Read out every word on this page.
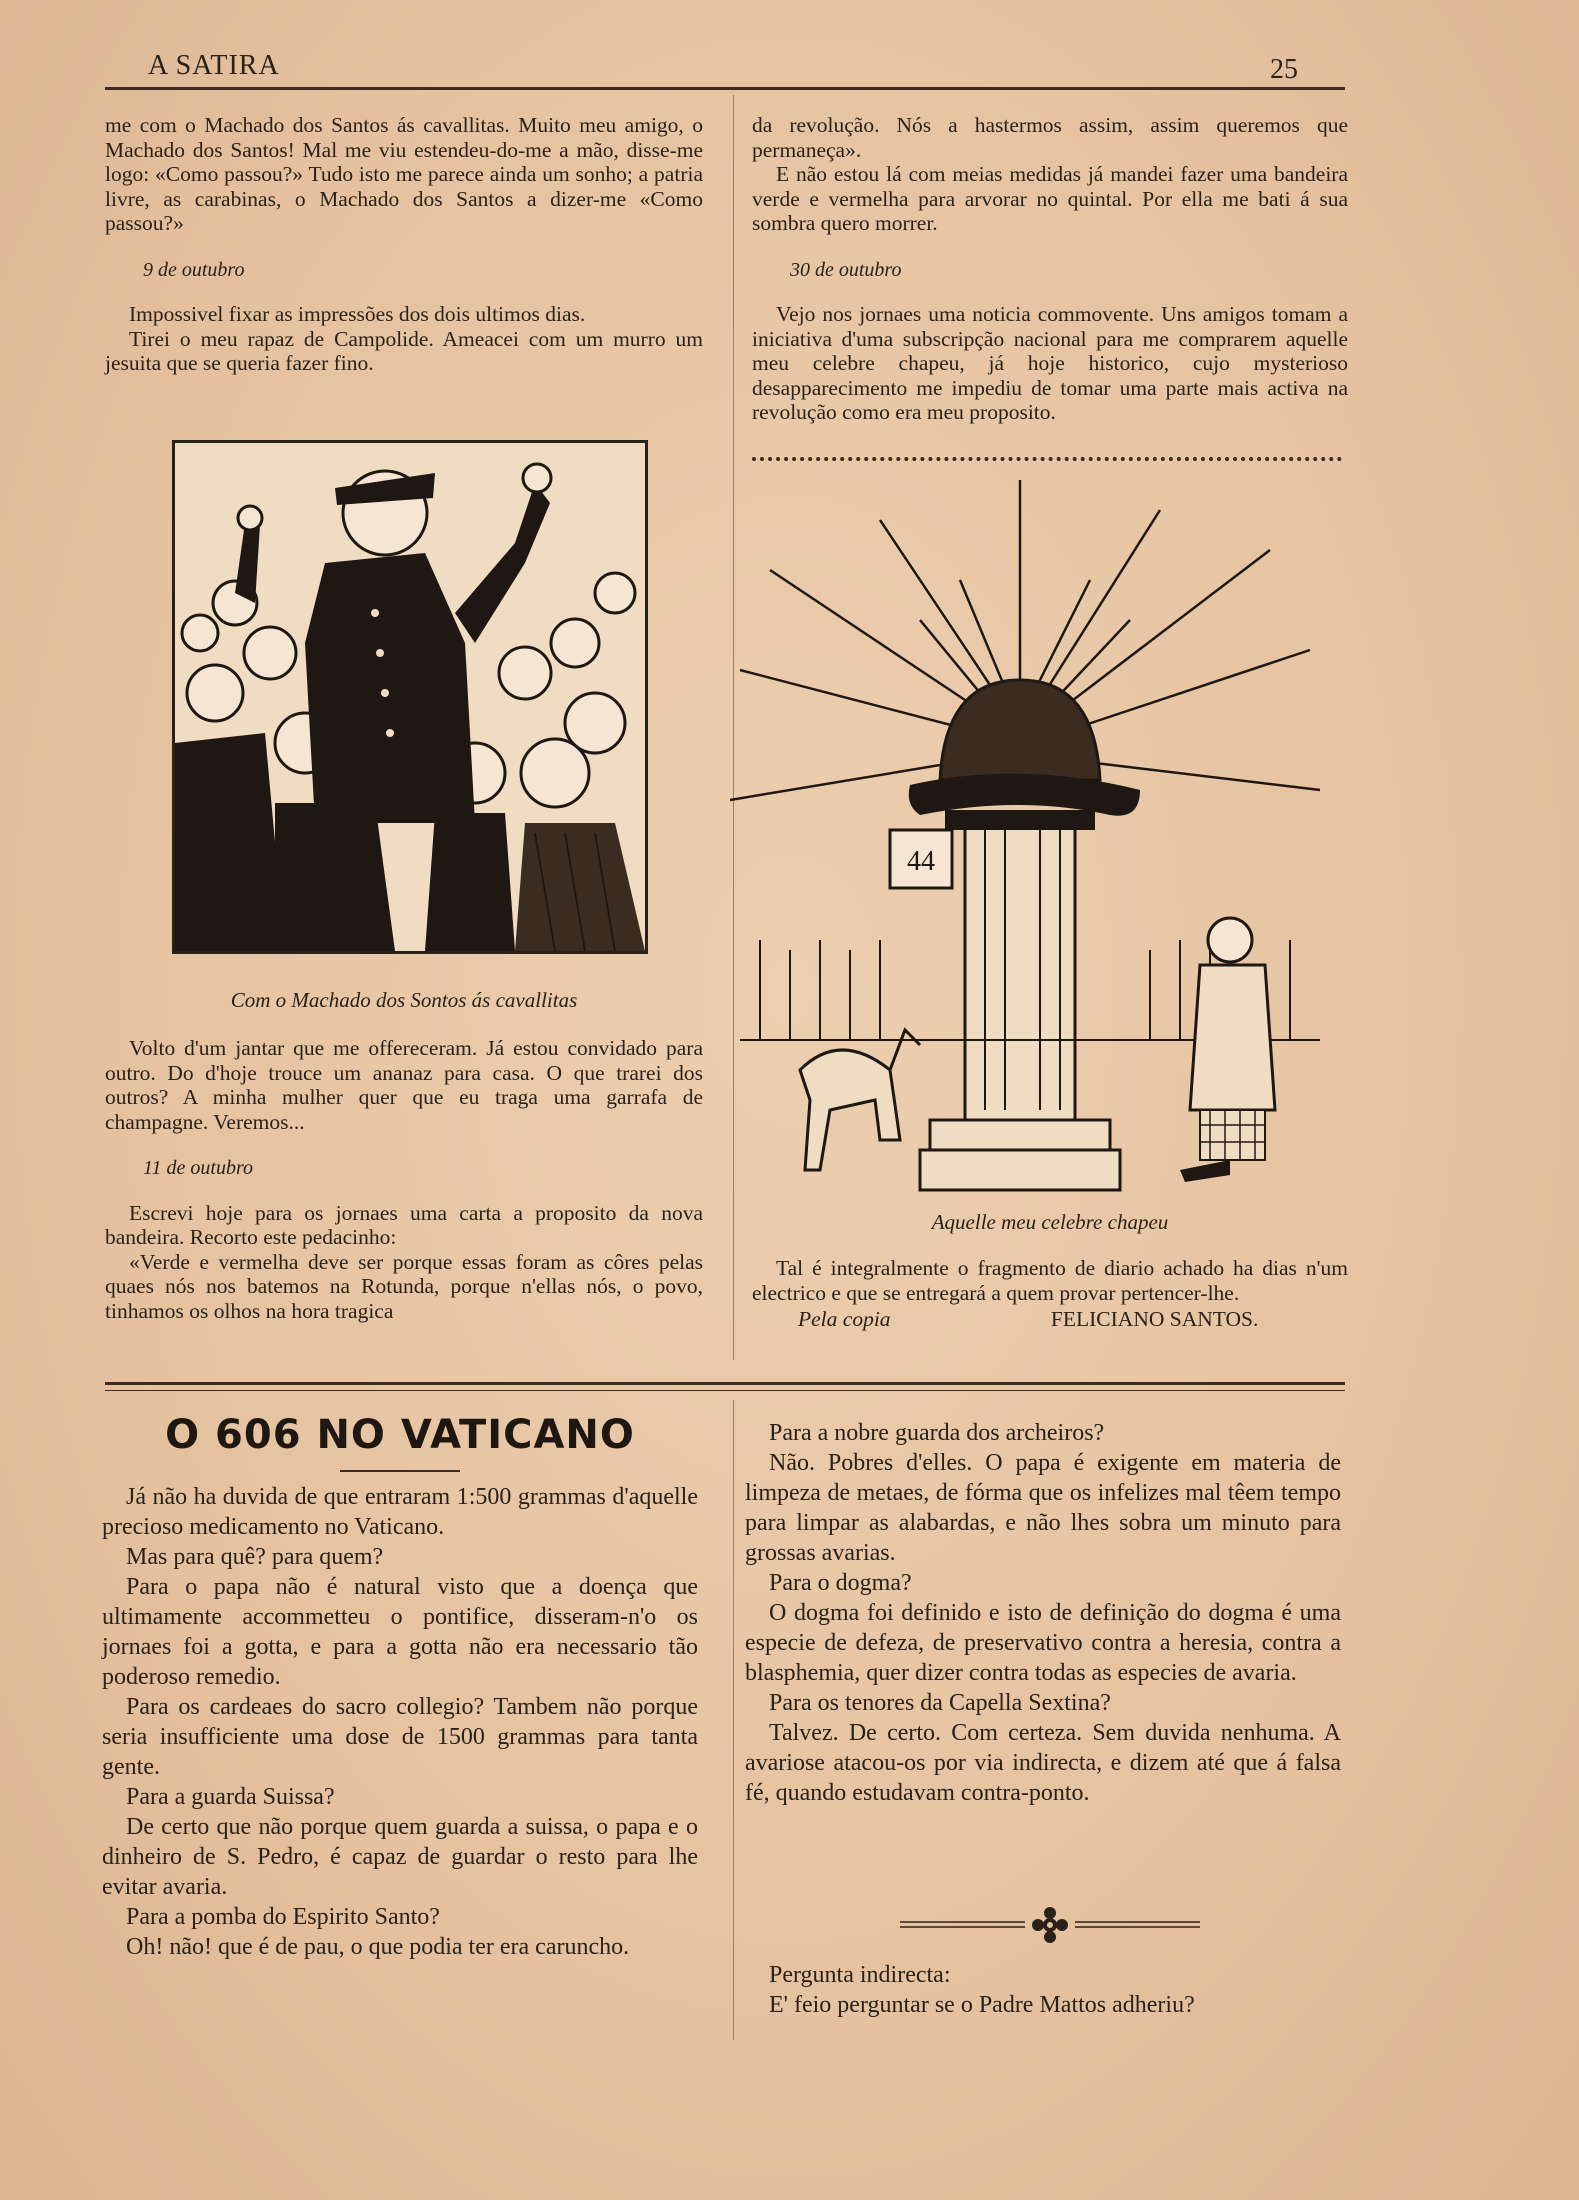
A SATIRA	25

me com o Machado dos Santos ás cavallitas. Muito meu amigo, o Machado dos Santos! Mal me viu estendeu-do-me a mão, disse-me logo: «Como passou?» Tudo isto me parece ainda um sonho; a patria livre, as carabinas, o Machado dos Santos a dizer-me «Como passou?»

9 de outubro

Impossivel fixar as impressões dos dois ultimos dias.

Tirei o meu rapaz de Campolide. Ameacei com um murro um jesuita que se queria fazer fino.

Com o Machado dos Sontos ás cavallitas

Volto d'um jantar que me offereceram. Já estou convidado para outro. Do d'hoje trouce um ananaz para casa. O que trarei dos outros? A minha mulher quer que eu traga uma garrafa de champagne. Veremos...

11 de outubro

Escrevi hoje para os jornaes uma carta a proposito da nova bandeira. Recorto este pedacinho:

«Verde e vermelha deve ser porque essas foram as côres pelas quaes nós nos batemos na Rotunda, porque n'ellas nós, o povo, tinhamos os olhos na hora tragica

da revolução. Nós a hastermos assim, assim queremos que permaneça».

E não estou lá com meias medidas já mandei fazer uma bandeira verde e vermelha para arvorar no quintal. Por ella me bati á sua sombra quero morrer.

30 de outubro

Vejo nos jornaes uma noticia commovente. Uns amigos tomam a iniciativa d'uma subscripção nacional para me comprarem aquelle meu celebre chapeu, já hoje historico, cujo mysterioso desapparecimento me impediu de tomar uma parte mais activa na revolução como era meu proposito.

44
Aquelle meu celebre chapeu

Tal é integralmente o fragmento de diario achado ha dias n'um electrico e que se entregará a quem provar pertencer-lhe.

Pela copia	FELICIANO SANTOS.

O 606 NO VATICANO

Já não ha duvida de que entraram 1:500 grammas d'aquelle precioso medicamento no Vaticano.

Mas para quê? para quem?

Para o papa não é natural visto que a doença que ultimamente accommetteu o pontifice, disseram-n'o os jornaes foi a gotta, e para a gotta não era necessario tão poderoso remedio.

Para os cardeaes do sacro collegio? Tambem não porque seria insufficiente uma dose de 1500 grammas para tanta gente.

Para a guarda Suissa?

De certo que não porque quem guarda a suissa, o papa e o dinheiro de S. Pedro, é capaz de guardar o resto para lhe evitar avaria.

Para a pomba do Espirito Santo?

Oh! não! que é de pau, o que podia ter era caruncho.

Para a nobre guarda dos archeiros?

Não. Pobres d'elles. O papa é exigente em materia de limpeza de metaes, de fórma que os infelizes mal têem tempo para limpar as alabardas, e não lhes sobra um minuto para grossas avarias.

Para o dogma?

O dogma foi definido e isto de definição do dogma é uma especie de defeza, de preservativo contra a heresia, contra a blasphemia, quer dizer contra todas as especies de avaria.

Para os tenores da Capella Sextina?

Talvez. De certo. Com certeza. Sem duvida nenhuma. A avariose atacou-os por via indirecta, e dizem até que á falsa fé, quando estudavam contra-ponto.

Pergunta indirecta:

E' feio perguntar se o Padre Mattos adheriu?
